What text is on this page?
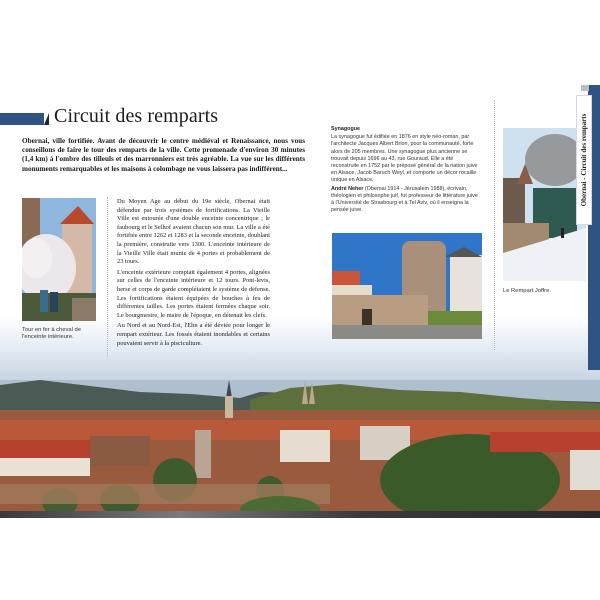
Circuit des remparts
Obernai, ville fortifiée. Avant de découvrir le centre médiéval et Renaissance, nous vous conseillons de faire le tour des remparts de la ville. Cette promenade d'environ 30 minutes (1,4 km) à l'ombre des tilleuls et des marronniers est très agréable. La vue sur les différents monuments remarquables et les maisons à colombage ne vous laissera pas indifférent...
Tour en fer à cheval de l'enceinte intérieure.

Du Moyen Age au début du 19e siècle, Obernai était défendue par trois systèmes de fortifications. La Vieille Ville est entourée d'une double enceinte concentrique ; le faubourg et le Selhof avaient chacun son mur. La ville a été fortifiée entre 1262 et 1283 et la seconde enceinte, doublant la première, construite vers 1300. L'enceinte intérieure de la Vieille Ville était munie de 4 portes et probablement de 23 tours.

L'enceinte extérieure comptait également 4 portes, alignées sur celles de l'enceinte intérieure et 12 tours. Pont-levis, herse et corps de garde complétaient le système de défense. Les fortifications étaient équipées de bouches à feu de différentes tailles. Les portes étaient fermées chaque soir. Le bourgmestre, le maire de l'époque, en détenait les clefs.

Au Nord et au Nord-Est, l'Ehn a été déviée pour longer le rempart extérieur. Les fossés étaient inondables et certains pouvaient servir à la pisciculture.

Synagogue

La synagogue fut édifiée en 1876 en style néo-roman, par l'architecte Jacques Albert Brion, pour la communauté, forte alors de 205 membres. Une synagogue plus ancienne se trouvait depuis 1696 au 43, rue Gouraud. Elle a été reconstruite en 1752 par le préposé général de la nation juive en Alsace, Jacob Baruch Weyl, et comporte un décor rocaille unique en Alsace.

André Neher (Obernai 1914 - Jérusalem 1988), écrivain, théologien et philosophe juif, fut professeur de littérature juive à l'Université de Strasbourg et à Tel Aviv, où il enseigna la pensée juive.

Le Rempart Joffre.
Obernai - Circuit des remparts
